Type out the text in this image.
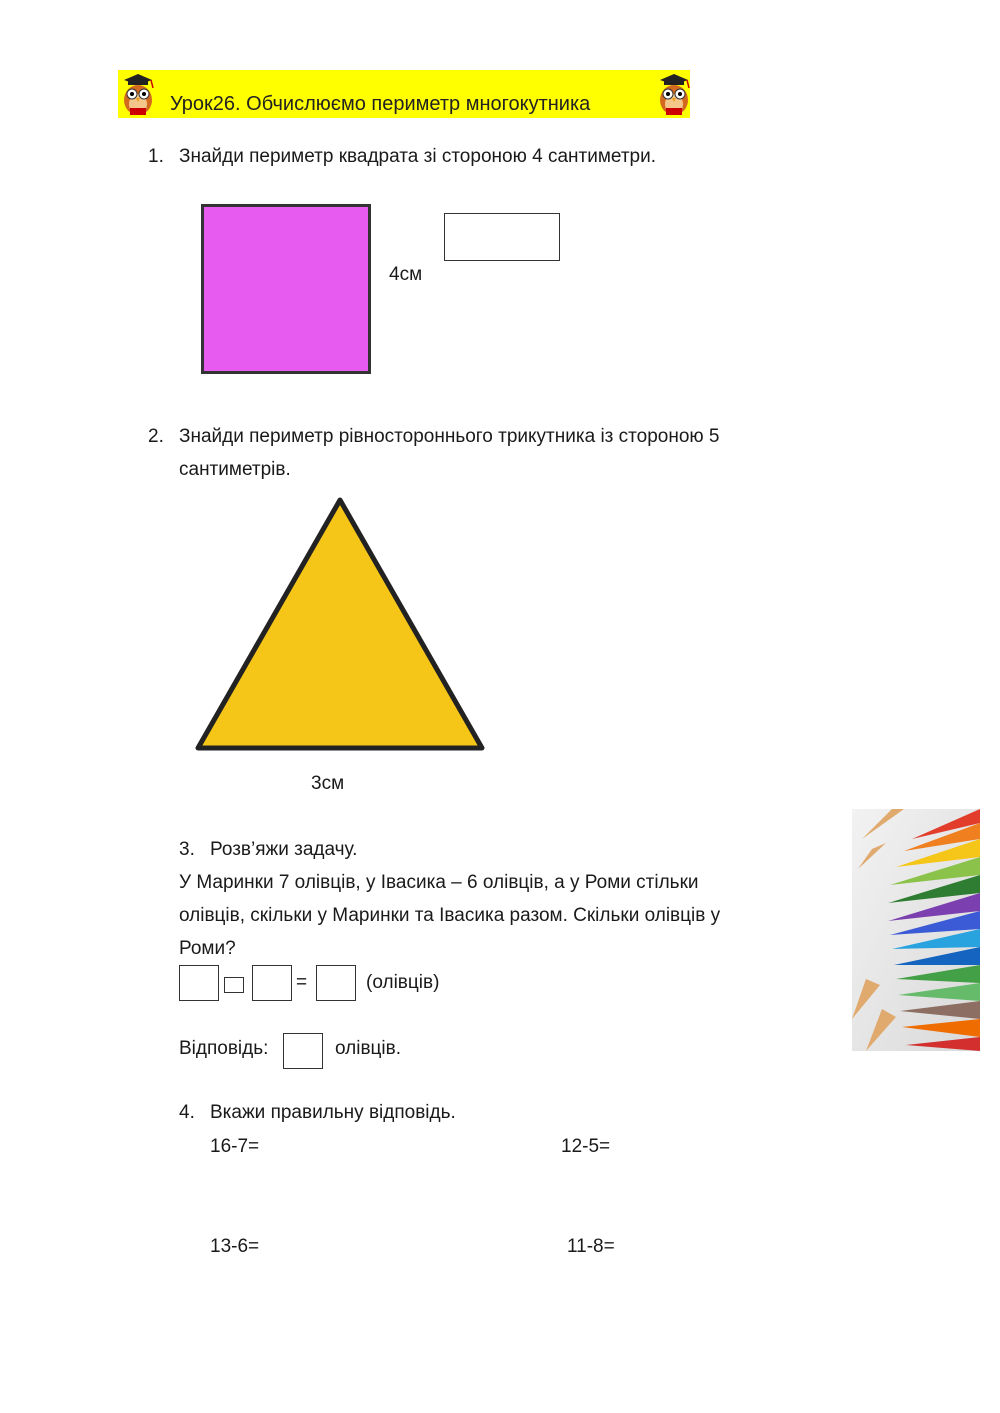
Урок26. Обчислюємо периметр многокутника
1. Знайди периметр квадрата зі стороною 4 сантиметри.
4см
2. Знайди периметр рівностороннього трикутника із стороною 5
сантиметрів.
3см
3. Розв’яжи задачу.
У Маринки 7 олівців, у Івасика – 6 олівців, а у Роми стільки
олівців, скільки у Маринки та Івасика разом. Скільки олівців у
Роми?
=	(олівців)
Відповідь:	олівців.
4. Вкажи правильну відповідь.
16-7=	12-5=
13-6=	11-8=
